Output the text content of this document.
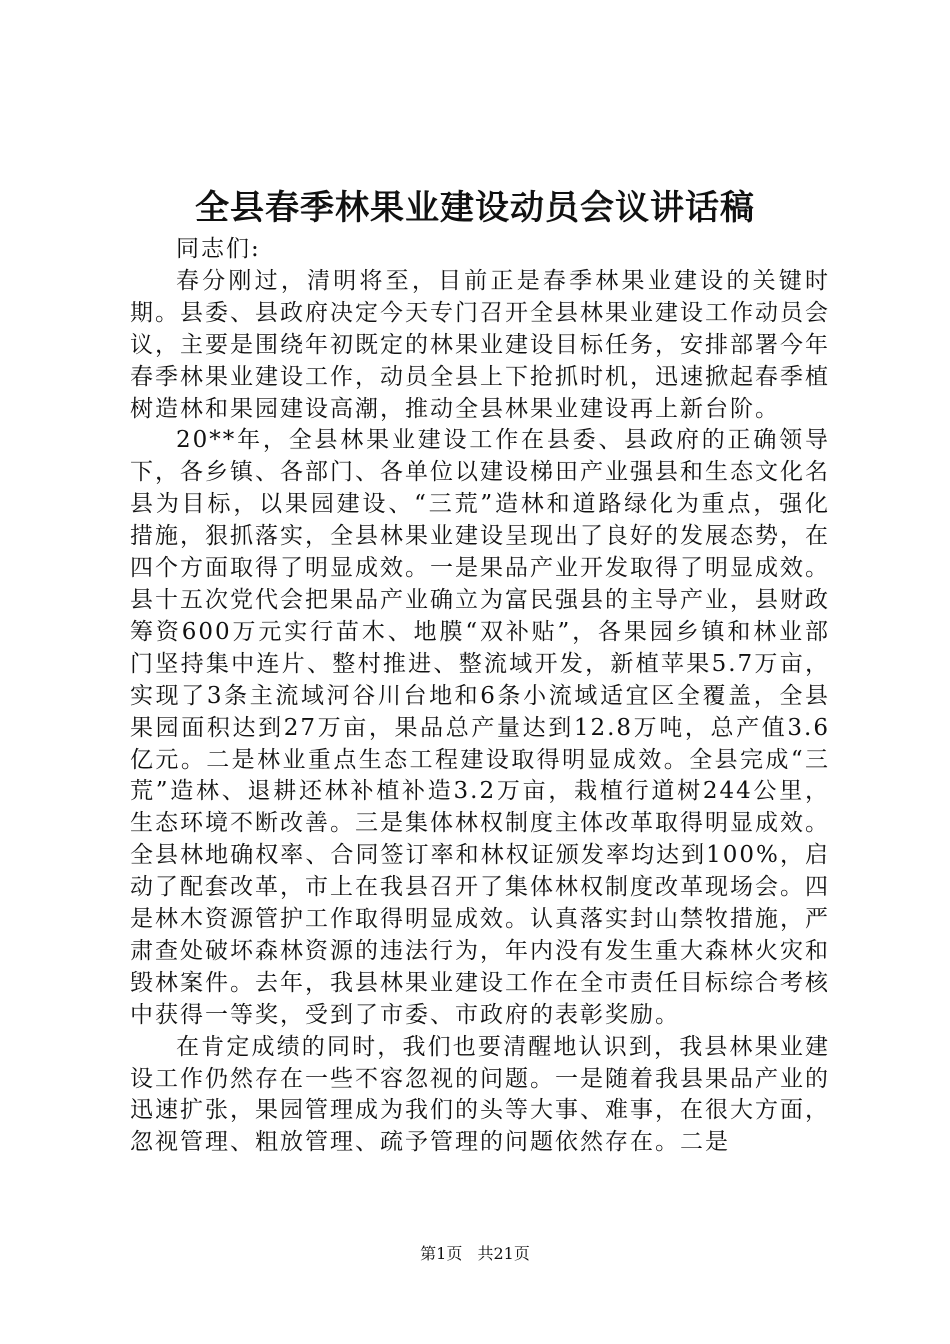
全县春季林果业建设动员会议讲话稿

同志们:

春分刚过，清明将至，目前正是春季林果业建设的关键时期。县委、县政府决定今天专门召开全县林果业建设工作动员会议，主要是围绕年初既定的林果业建设目标任务，安排部署今年春季林果业建设工作，动员全县上下抢抓时机，迅速掀起春季植树造林和果园建设高潮，推动全县林果业建设再上新台阶。

20**年，全县林果业建设工作在县委、县政府的正确领导下，各乡镇、各部门、各单位以建设梯田产业强县和生态文化名县为目标，以果园建设、“三荒”造林和道路绿化为重点，强化措施，狠抓落实，全县林果业建设呈现出了良好的发展态势，在四个方面取得了明显成效。一是果品产业开发取得了明显成效。县十五次党代会把果品产业确立为富民强县的主导产业，县财政筹资600万元实行苗木、地膜“双补贴”，各果园乡镇和林业部门坚持集中连片、整村推进、整流域开发，新植苹果5.7万亩，实现了3条主流域河谷川台地和6条小流域适宜区全覆盖，全县果园面积达到27万亩，果品总产量达到12.8万吨，总产值3.6亿元。二是林业重点生态工程建设取得明显成效。全县完成“三荒”造林、退耕还林补植补造3.2万亩，栽植行道树244公里，生态环境不断改善。三是集体林权制度主体改革取得明显成效。全县林地确权率、合同签订率和林权证颁发率均达到100%，启动了配套改革，市上在我县召开了集体林权制度改革现场会。四是林木资源管护工作取得明显成效。认真落实封山禁牧措施，严肃查处破坏森林资源的违法行为，年内没有发生重大森林火灾和毁林案件。去年，我县林果业建设工作在全市责任目标综合考核中获得一等奖，受到了市委、市政府的表彰奖励。

在肯定成绩的同时，我们也要清醒地认识到，我县林果业建设工作仍然存在一些不容忽视的问题。一是随着我县果品产业的迅速扩张，果园管理成为我们的头等大事、难事，在很大方面，忽视管理、粗放管理、疏予管理的问题依然存在。二是

第1页 共21页
